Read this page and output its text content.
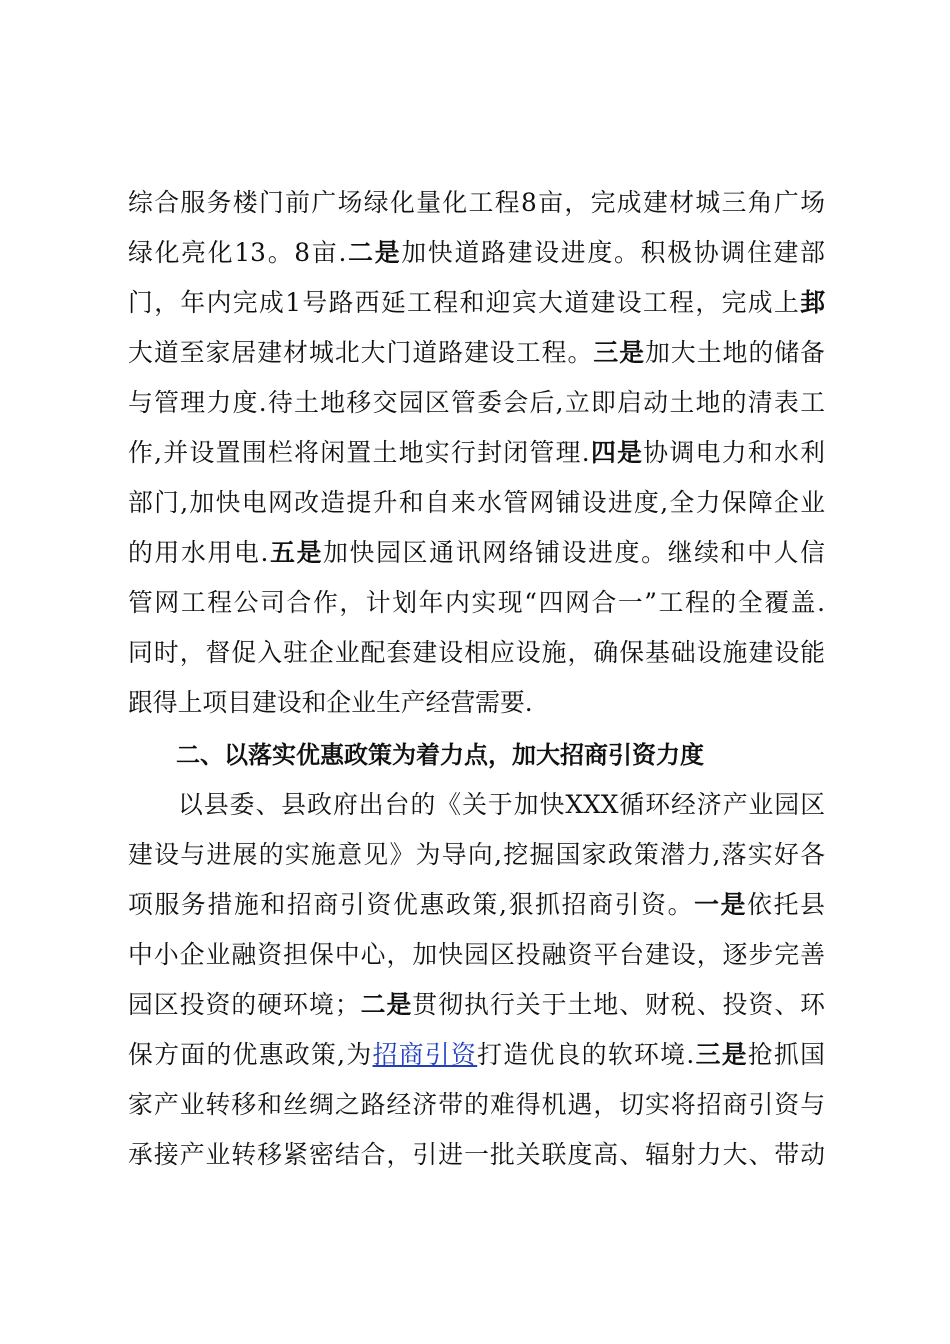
综合服务楼门前广场绿化量化工程8亩，完成建材城三角广场
绿化亮化13。8亩.二是加快道路建设进度。积极协调住建部
门，年内完成1号路西延工程和迎宾大道建设工程，完成上邽
大道至家居建材城北大门道路建设工程。三是加大土地的储备
与管理力度.待土地移交园区管委会后,立即启动土地的清表工
作,并设置围栏将闲置土地实行封闭管理.四是协调电力和水利
部门,加快电网改造提升和自来水管网铺设进度,全力保障企业
的用水用电.五是加快园区通讯网络铺设进度。继续和中人信
管网工程公司合作，计划年内实现“四网合一”工程的全覆盖.
同时，督促入驻企业配套建设相应设施，确保基础设施建设能
跟得上项目建设和企业生产经营需要.
二、以落实优惠政策为着力点，加大招商引资力度
以县委、县政府出台的《关于加快XXX循环经济产业园区
建设与进展的实施意见》为导向,挖掘国家政策潜力,落实好各
项服务措施和招商引资优惠政策,狠抓招商引资。一是依托县
中小企业融资担保中心，加快园区投融资平台建设，逐步完善
园区投资的硬环境；二是贯彻执行关于土地、财税、投资、环
保方面的优惠政策,为招商引资打造优良的软环境.三是抢抓国
家产业转移和丝绸之路经济带的难得机遇，切实将招商引资与
承接产业转移紧密结合，引进一批关联度高、辐射力大、带动
